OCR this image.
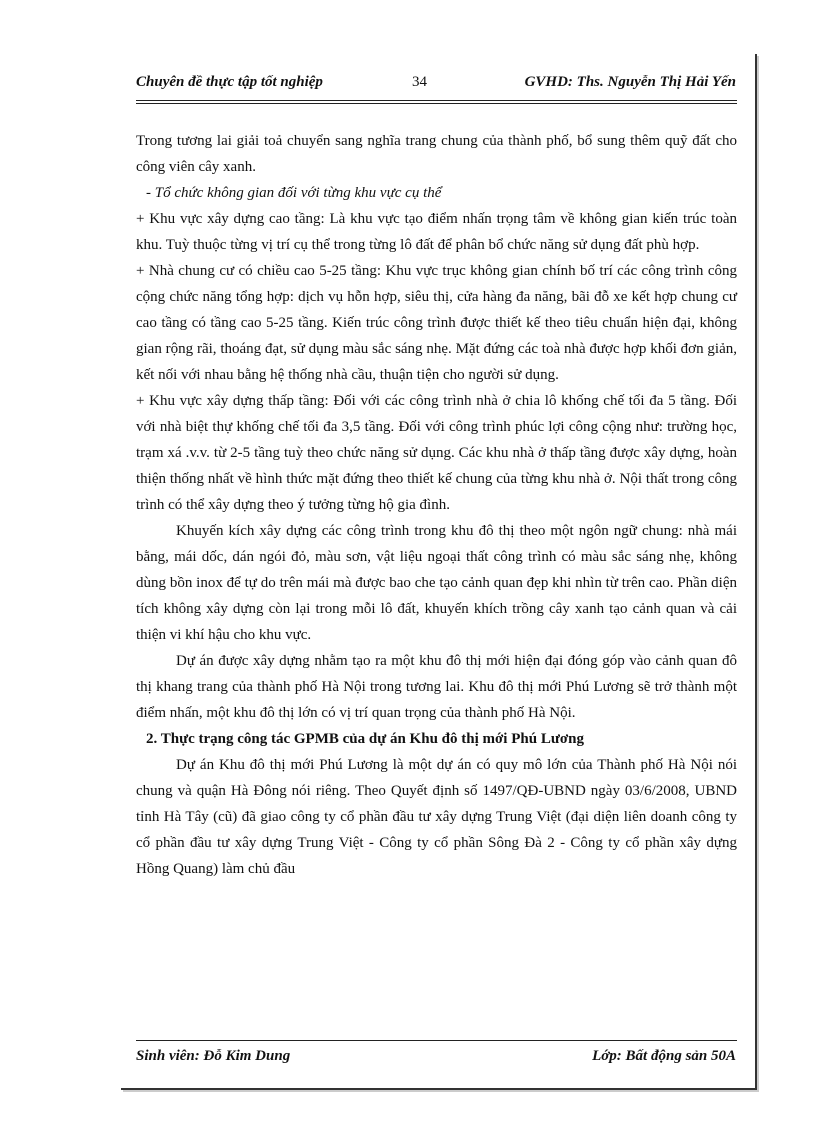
Chuyên đề thực tập tốt nghiệp	34	GVHD: Ths. Nguyễn Thị Hải Yến

Trong tương lai giải toả chuyển sang nghĩa trang chung của thành phố, bổ sung thêm quỹ đất cho công viên cây xanh.

- Tổ chức không gian đối với từng khu vực cụ thể

+ Khu vực xây dựng cao tầng: Là khu vực tạo điểm nhấn trọng tâm về không gian kiến trúc toàn khu. Tuỳ thuộc từng vị trí cụ thể trong từng lô đất để phân bổ chức năng sử dụng đất phù hợp.

+ Nhà chung cư có chiều cao 5-25 tầng: Khu vực trục không gian chính bố trí các công trình công cộng chức năng tổng hợp: dịch vụ hỗn hợp, siêu thị, cửa hàng đa năng, bãi đỗ xe kết hợp chung cư cao tầng có tầng cao 5-25 tầng. Kiến trúc công trình được thiết kế theo tiêu chuẩn hiện đại, không gian rộng rãi, thoáng đạt, sử dụng màu sắc sáng nhẹ. Mặt đứng các toà nhà được hợp khối đơn giản, kết nối với nhau bằng hệ thống nhà cầu, thuận tiện cho người sử dụng.

+ Khu vực xây dựng thấp tầng: Đối với các công trình nhà ở chia lô khống chế tối đa 5 tầng. Đối với nhà biệt thự khống chế tối đa 3,5 tầng. Đối với công trình phúc lợi công cộng như: trường học, trạm xá .v.v. từ 2-5 tầng tuỳ theo chức năng sử dụng. Các khu nhà ở thấp tầng được xây dựng, hoàn thiện thống nhất về hình thức mặt đứng theo thiết kế chung của từng khu nhà ở. Nội thất trong công trình có thể xây dựng theo ý tưởng từng hộ gia đình.

Khuyến kích xây dựng các công trình trong khu đô thị theo một ngôn ngữ chung: nhà mái bằng, mái dốc, dán ngói đỏ, màu sơn, vật liệu ngoại thất công trình có màu sắc sáng nhẹ, không dùng bồn inox để tự do trên mái mà được bao che tạo cảnh quan đẹp khi nhìn từ trên cao. Phần diện tích không xây dựng còn lại trong mỗi lô đất, khuyến khích trồng cây xanh tạo cảnh quan và cải thiện vi khí hậu cho khu vực.

Dự án được xây dựng nhằm tạo ra một khu đô thị mới hiện đại đóng góp vào cảnh quan đô thị khang trang của thành phố Hà Nội trong tương lai. Khu đô thị mới Phú Lương sẽ trở thành một điểm nhấn, một khu đô thị lớn có vị trí quan trọng của thành phố Hà Nội.

2. Thực trạng công tác GPMB của dự án Khu đô thị mới Phú Lương

Dự án Khu đô thị mới Phú Lương là một dự án có quy mô lớn của Thành phố Hà Nội nói chung và quận Hà Đông nói riêng. Theo Quyết định số 1497/QĐ-UBND ngày 03/6/2008, UBND tỉnh Hà Tây (cũ) đã giao công ty cổ phần đầu tư xây dựng Trung Việt (đại diện liên doanh công ty cổ phần đầu tư xây dựng Trung Việt - Công ty cổ phần Sông Đà 2 - Công ty cổ phần xây dựng Hồng Quang) làm chủ đầu

Sinh viên: Đỗ Kim Dung	Lớp: Bất động sản 50A
